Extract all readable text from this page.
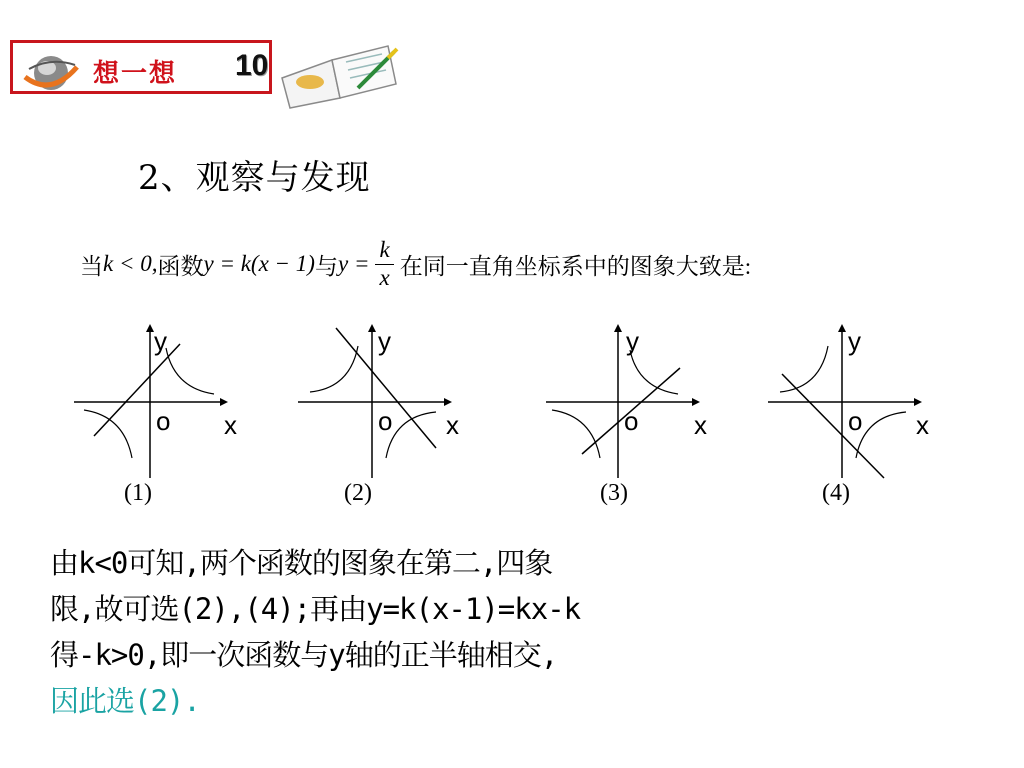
想一想 10
2、观察与发现
当 k < 0, 函数 y = k(x − 1) 与 $y = \frac{k}{x}$ 在同一直角坐标系中的图象大致是:
y
o x
(1)
y
o x
(2)
y
o x
(3)
y
o x
(4)
由k<0可知,两个函数的图象在第二,四象
限,故可选(2),(4);再由y=k(x-1)=kx-k
得-k>0,即一次函数与y轴的正半轴相交,
因此选(2).
